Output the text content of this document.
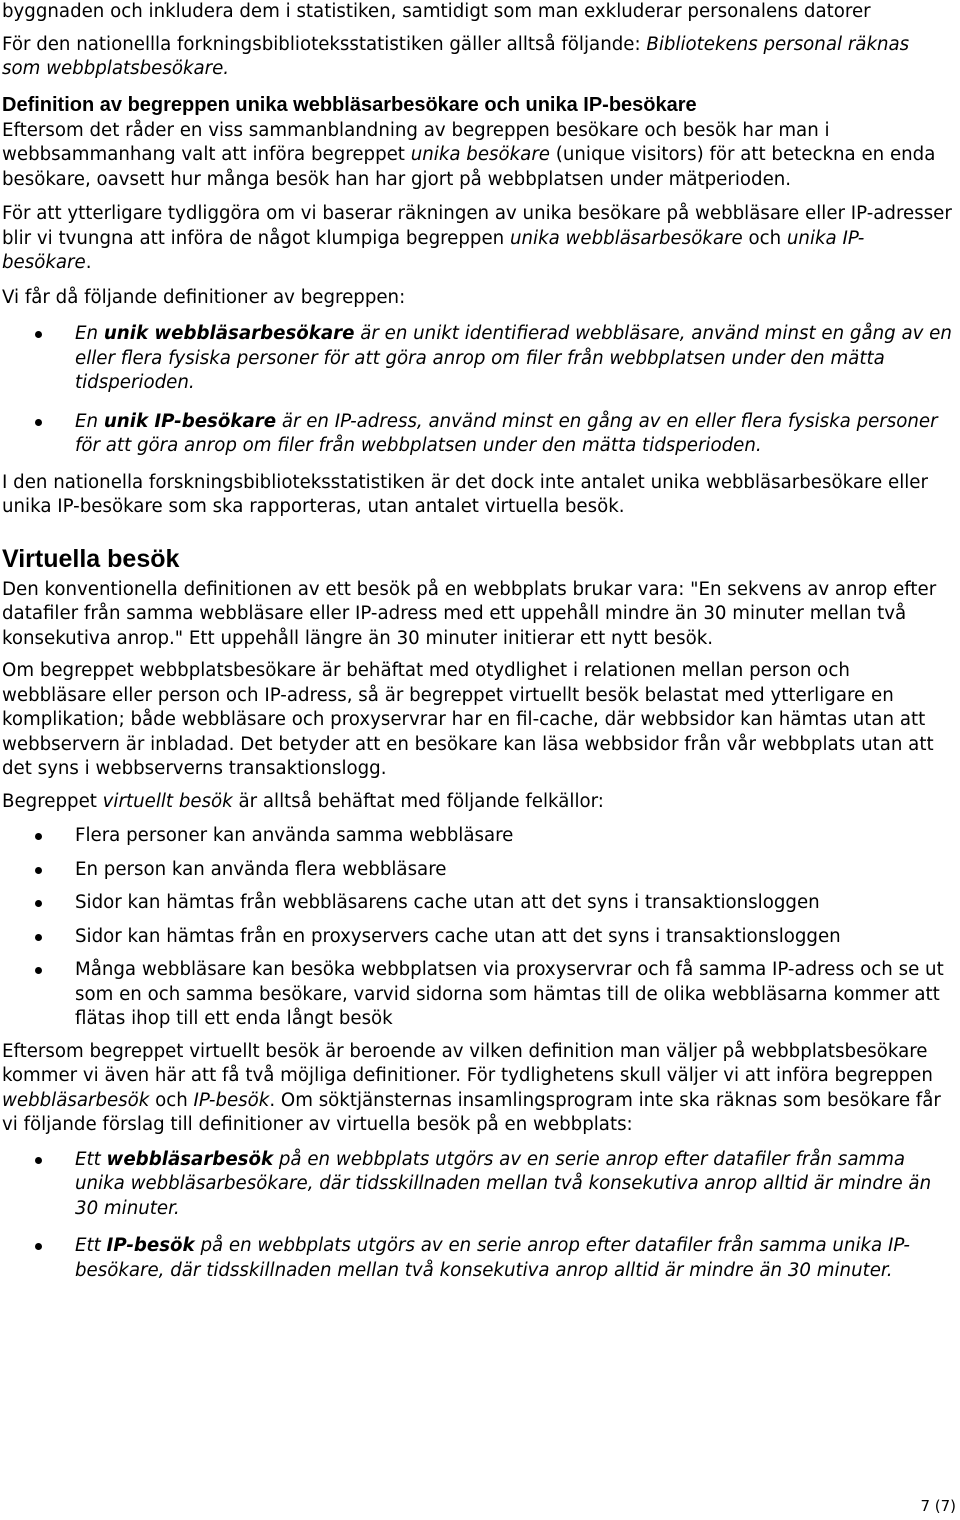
byggnaden och inkludera dem i statistiken, samtidigt som man exkluderar personalens datorer

För den nationellla forkningsbiblioteksstatistiken gäller alltså följande: Bibliotekens personal räknas som webbplatsbesökare.

Definition av begreppen unika webbläsarbesökare och unika IP-besökare

Eftersom det råder en viss sammanblandning av begreppen besökare och besök har man i webbsammanhang valt att införa begreppet unika besökare (unique visitors) för att beteckna en enda besökare, oavsett hur många besök han har gjort på webbplatsen under mätperioden.

För att ytterligare tydliggöra om vi baserar räkningen av unika besökare på webbläsare eller IP-adresser blir vi tvungna att införa de något klumpiga begreppen unika webbläsarbesökare och unika IP-besökare.

Vi får då följande definitioner av begreppen:

En unik webbläsarbesökare är en unikt identifierad webbläsare, använd minst en gång av en eller flera fysiska personer för att göra anrop om filer från webbplatsen under den mätta tidsperioden.
En unik IP-besökare är en IP-adress, använd minst en gång av en eller flera fysiska personer för att göra anrop om filer från webbplatsen under den mätta tidsperioden.

I den nationella forskningsbiblioteksstatistiken är det dock inte antalet unika webbläsarbesökare eller unika IP-besökare som ska rapporteras, utan antalet virtuella besök.

Virtuella besök

Den konventionella definitionen av ett besök på en webbplats brukar vara: "En sekvens av anrop efter datafiler från samma webbläsare eller IP-adress med ett uppehåll mindre än 30 minuter mellan två konsekutiva anrop." Ett uppehåll längre än 30 minuter initierar ett nytt besök.

Om begreppet webbplatsbesökare är behäftat med otydlighet i relationen mellan person och webbläsare eller person och IP-adress, så är begreppet virtuellt besök belastat med ytterligare en komplikation; både webbläsare och proxyservrar har en fil-cache, där webbsidor kan hämtas utan att webbservern är inbladad. Det betyder att en besökare kan läsa webbsidor från vår webbplats utan att det syns i webbserverns transaktionslogg.

Begreppet virtuellt besök är alltså behäftat med följande felkällor:

Flera personer kan använda samma webbläsare
En person kan använda flera webbläsare
Sidor kan hämtas från webbläsarens cache utan att det syns i transaktionsloggen
Sidor kan hämtas från en proxyservers cache utan att det syns i transaktionsloggen
Många webbläsare kan besöka webbplatsen via proxyservrar och få samma IP-adress och se ut som en och samma besökare, varvid sidorna som hämtas till de olika webbläsarna kommer att flätas ihop till ett enda långt besök

Eftersom begreppet virtuellt besök är beroende av vilken definition man väljer på webbplatsbesökare kommer vi även här att få två möjliga definitioner. För tydlighetens skull väljer vi att införa begreppen webbläsarbesök och IP-besök. Om söktjänsternas insamlingsprogram inte ska räknas som besökare får vi följande förslag till definitioner av virtuella besök på en webbplats:

Ett webbläsarbesök på en webbplats utgörs av en serie anrop efter datafiler från samma unika webbläsarbesökare, där tidsskillnaden mellan två konsekutiva anrop alltid är mindre än 30 minuter.
Ett IP-besök på en webbplats utgörs av en serie anrop efter datafiler från samma unika IP-besökare, där tidsskillnaden mellan två konsekutiva anrop alltid är mindre än 30 minuter.
7 (7)
